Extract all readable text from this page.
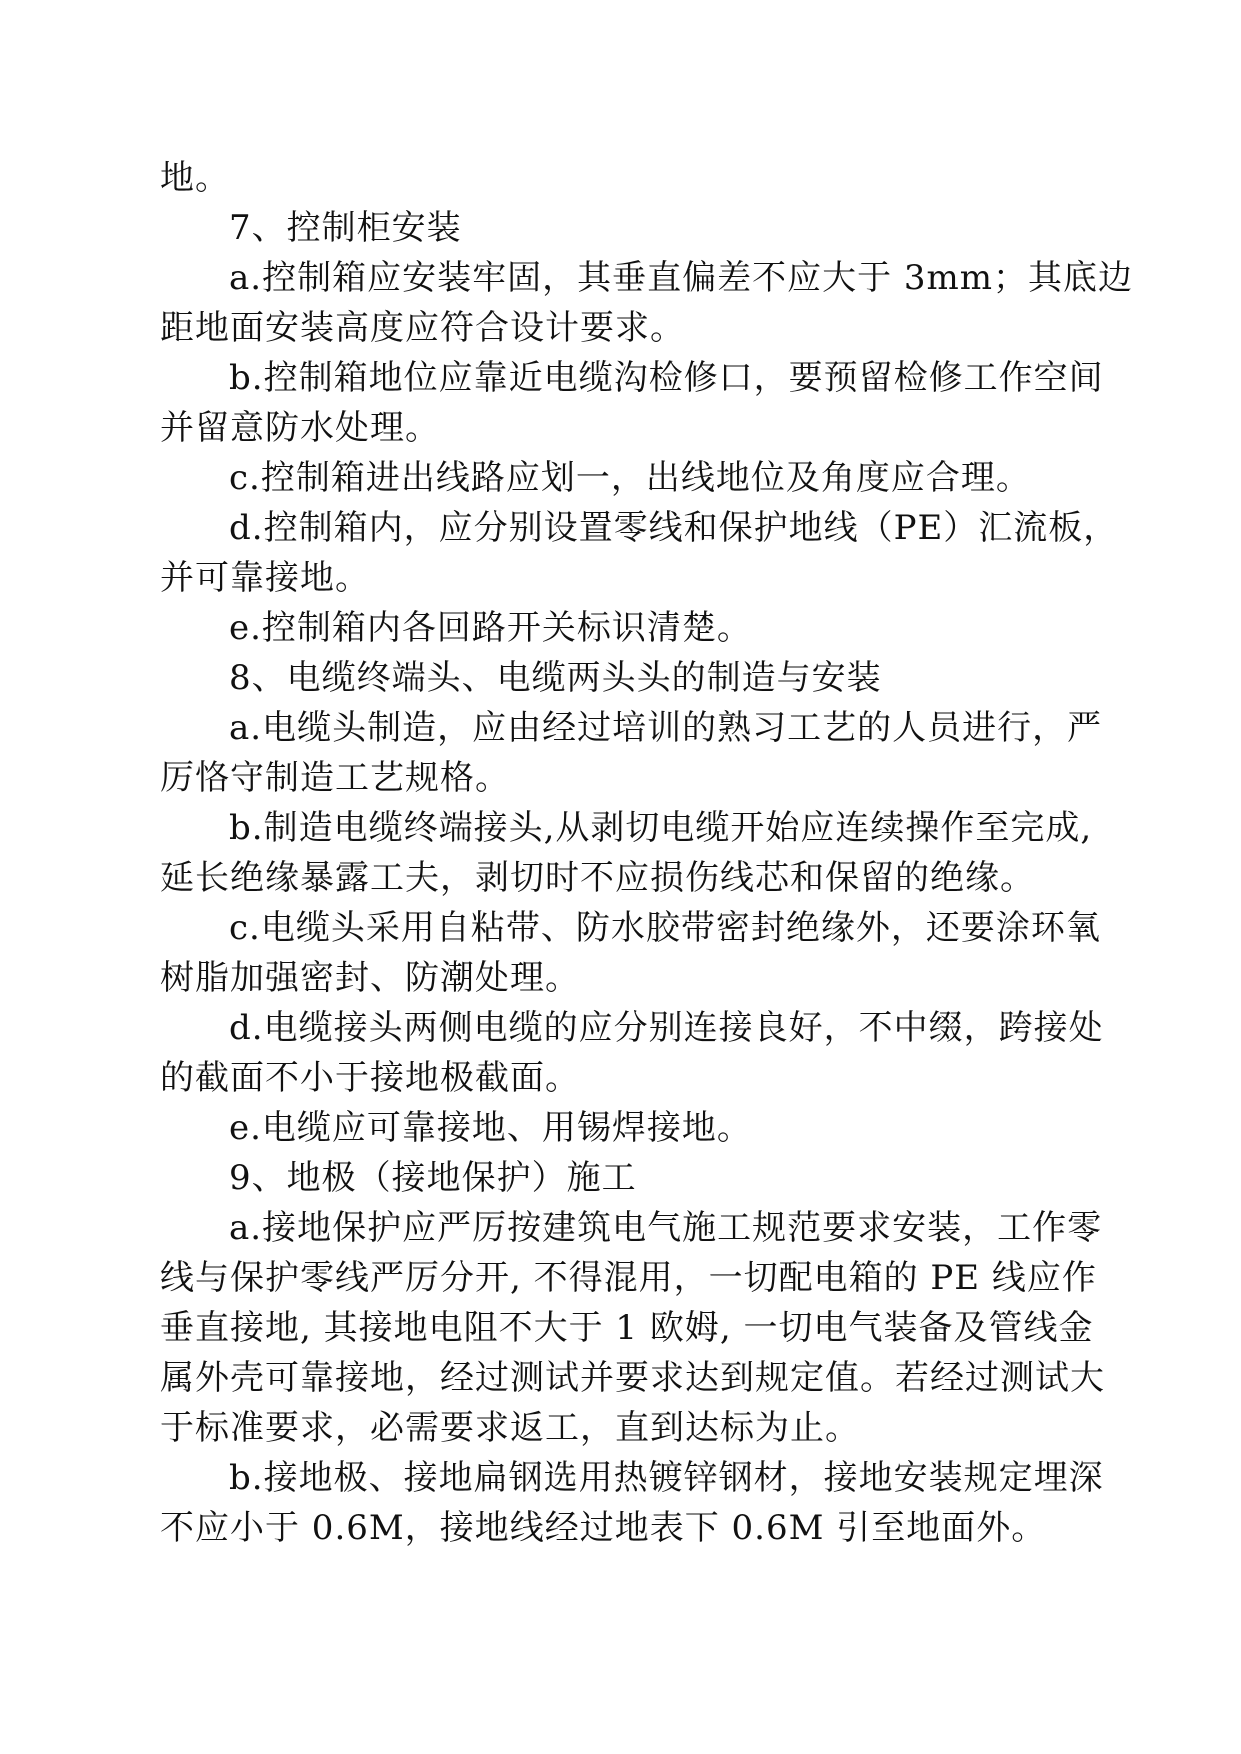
地。
7、控制柜安装
a.控制箱应安装牢固，其垂直偏差不应大于 3mm；其底边
距地面安装高度应符合设计要求。
b.控制箱地位应靠近电缆沟检修口，要预留检修工作空间
并留意防水处理。
c.控制箱进出线路应划一，出线地位及角度应合理。
d.控制箱内，应分别设置零线和保护地线（PE）汇流板，
并可靠接地。
e.控制箱内各回路开关标识清楚。
8、电缆终端头、电缆两头头的制造与安装
a.电缆头制造，应由经过培训的熟习工艺的人员进行，严
厉恪守制造工艺规格。
b.制造电缆终端接头,从剥切电缆开始应连续操作至完成,
延长绝缘暴露工夫，剥切时不应损伤线芯和保留的绝缘。
c.电缆头采用自粘带、防水胶带密封绝缘外，还要涂环氧
树脂加强密封、防潮处理。
d.电缆接头两侧电缆的应分别连接良好，不中缀，跨接处
的截面不小于接地极截面。
e.电缆应可靠接地、用锡焊接地。
9、地极（接地保护）施工
a.接地保护应严厉按建筑电气施工规范要求安装，工作零
线与保护零线严厉分开, 不得混用，一切配电箱的 PE 线应作
垂直接地, 其接地电阻不大于 1 欧姆, 一切电气装备及管线金
属外壳可靠接地，经过测试并要求达到规定值。若经过测试大
于标准要求，必需要求返工，直到达标为止。
b.接地极、接地扁钢选用热镀锌钢材，接地安装规定埋深
不应小于 0.6M，接地线经过地表下 0.6M 引至地面外。
